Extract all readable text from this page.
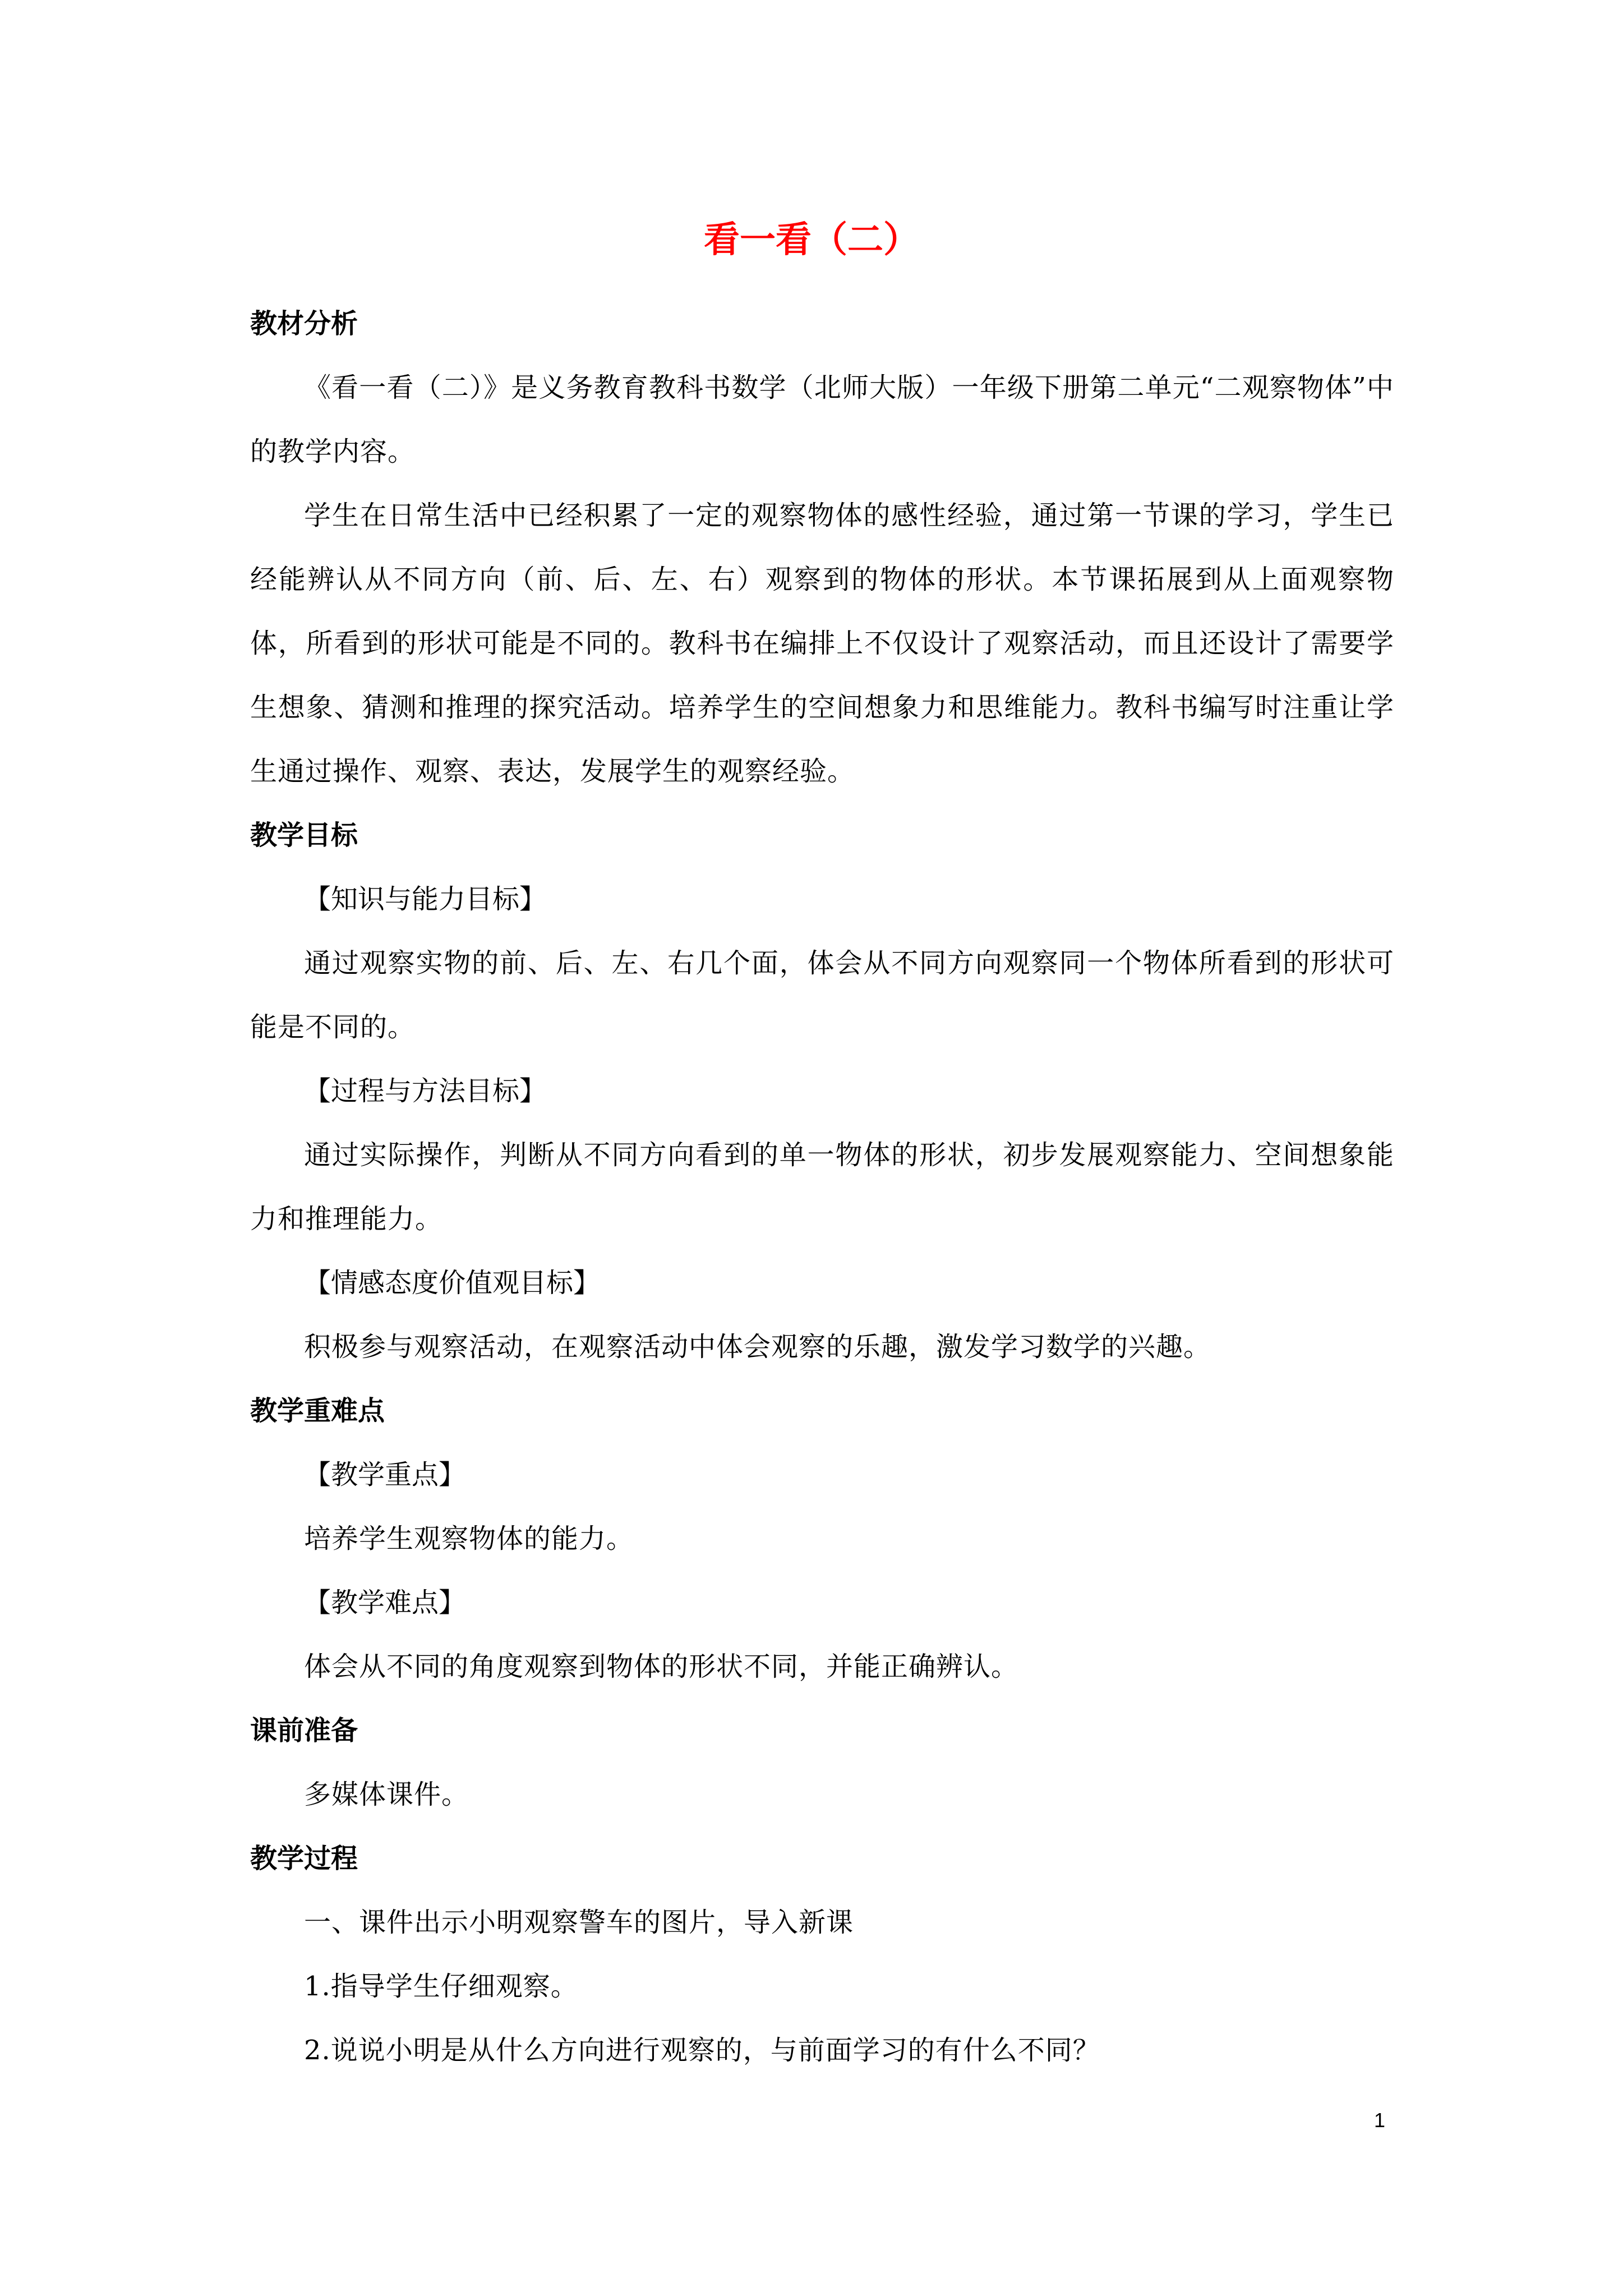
看一看（二）

教材分析

《看一看（二）》是义务教育教科书数学（北师大版）一年级下册第二单元“二观察物体”中的教学内容。

学生在日常生活中已经积累了一定的观察物体的感性经验，通过第一节课的学习，学生已经能辨认从不同方向（前、后、左、右）观察到的物体的形状。本节课拓展到从上面观察物体，所看到的形状可能是不同的。教科书在编排上不仅设计了观察活动，而且还设计了需要学生想象、猜测和推理的探究活动。培养学生的空间想象力和思维能力。教科书编写时注重让学生通过操作、观察、表达，发展学生的观察经验。

教学目标

【知识与能力目标】

通过观察实物的前、后、左、右几个面，体会从不同方向观察同一个物体所看到的形状可能是不同的。

【过程与方法目标】

通过实际操作，判断从不同方向看到的单一物体的形状，初步发展观察能力、空间想象能力和推理能力。

【情感态度价值观目标】

积极参与观察活动，在观察活动中体会观察的乐趣，激发学习数学的兴趣。

教学重难点

【教学重点】

培养学生观察物体的能力。

【教学难点】

体会从不同的角度观察到物体的形状不同，并能正确辨认。

课前准备

多媒体课件。

教学过程

一、课件出示小明观察警车的图片，导入新课

1.指导学生仔细观察。

2.说说小明是从什么方向进行观察的，与前面学习的有什么不同？

1
